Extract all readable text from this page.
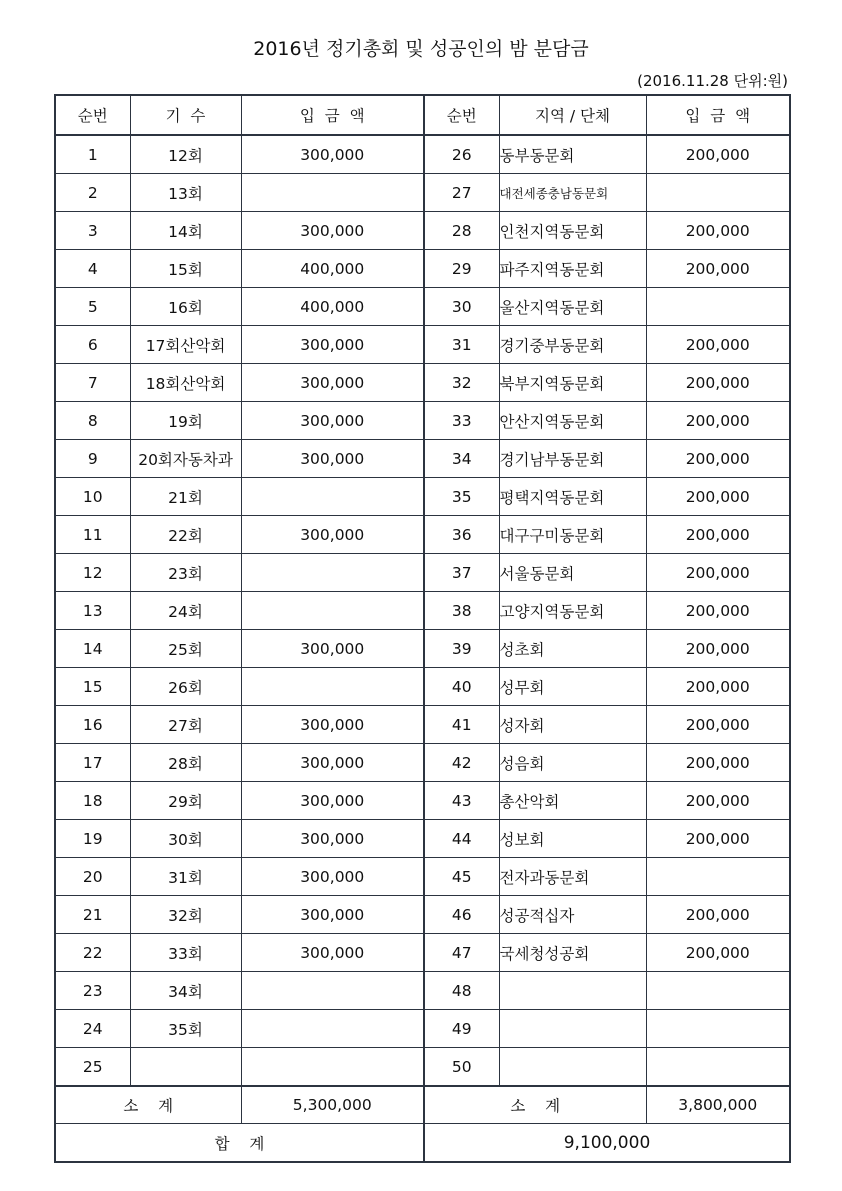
2016년 정기총회 및 성공인의 밤 분담금
(2016.11.28 단위:원)
순번	기  수	입  금  액	순번	지역 / 단체	입  금  액
1	12회	300,000	26	동부동문회	200,000
2	13회		27	대전세종충남동문회	
3	14회	300,000	28	인천지역동문회	200,000
4	15회	400,000	29	파주지역동문회	200,000
5	16회	400,000	30	울산지역동문회	
6	17회산악회	300,000	31	경기중부동문회	200,000
7	18회산악회	300,000	32	북부지역동문회	200,000
8	19회	300,000	33	안산지역동문회	200,000
9	20회자동차과	300,000	34	경기남부동문회	200,000
10	21회		35	평택지역동문회	200,000
11	22회	300,000	36	대구구미동문회	200,000
12	23회		37	서울동문회	200,000
13	24회		38	고양지역동문회	200,000
14	25회	300,000	39	성초회	200,000
15	26회		40	성무회	200,000
16	27회	300,000	41	성자회	200,000
17	28회	300,000	42	성음회	200,000
18	29회	300,000	43	총산악회	200,000
19	30회	300,000	44	성보회	200,000
20	31회	300,000	45	전자과동문회	
21	32회	300,000	46	성공적십자	200,000
22	33회	300,000	47	국세청성공회	200,000
23	34회		48		
24	35회		49		
25			50		
소    계		5,300,000	소    계		3,800,000
합    계			9,100,000		
